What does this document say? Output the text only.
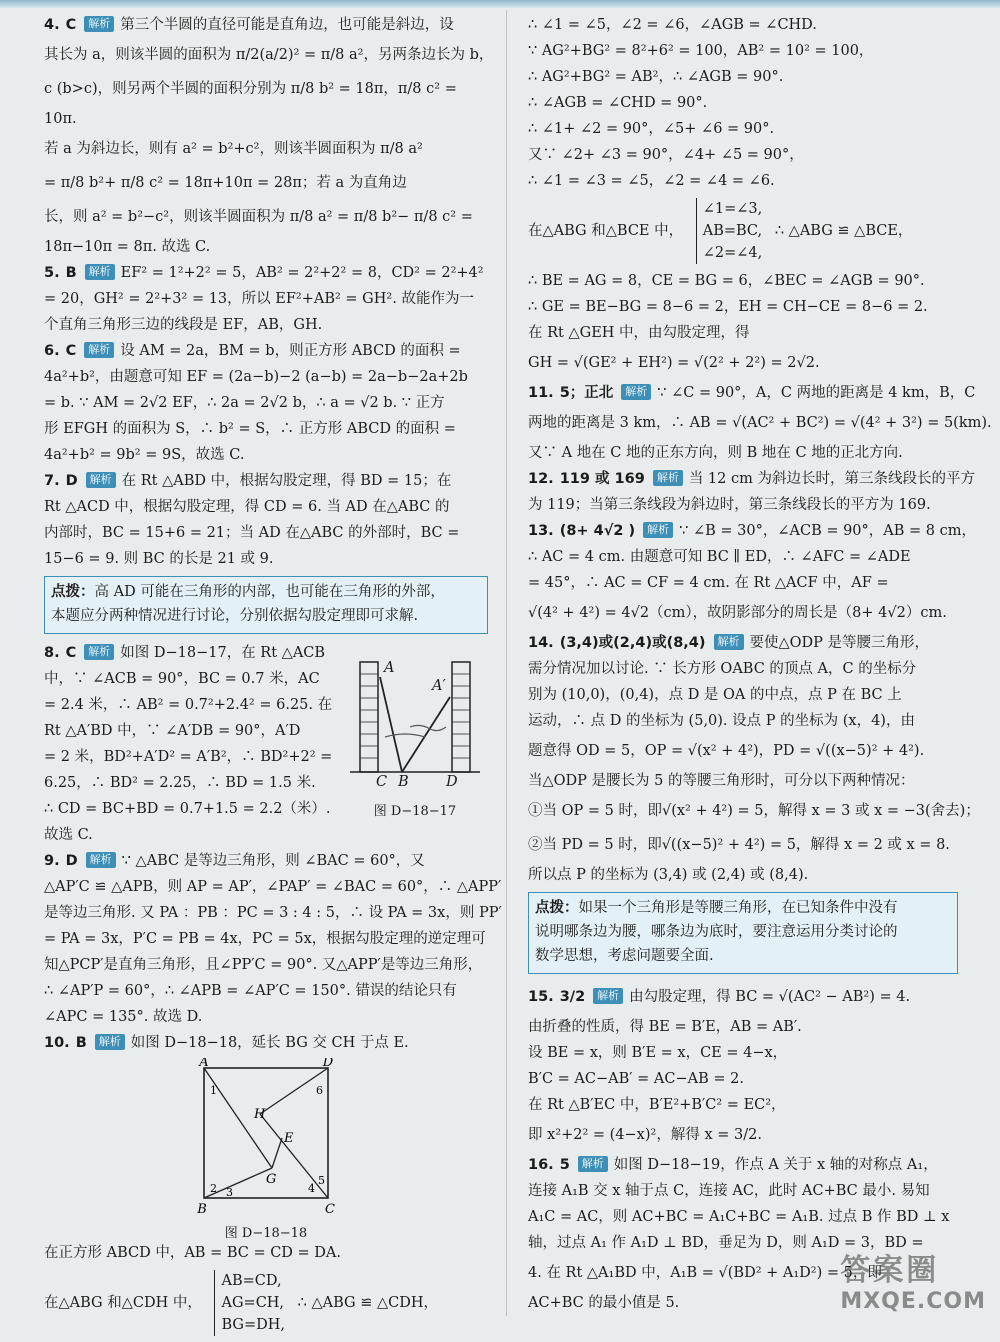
4. C 解析 第三个半圆的直径可能是直角边，也可能是斜边，设
其长为 a，则该半圆的面积为 π/2(a/2)² = π/8 a²，另两条边长为 b，
c (b>c)，则另两个半圆的面积分别为 π/8 b² = 18π，π/8 c² =
10π.
若 a 为斜边长，则有 a² = b²+c²，则该半圆面积为 π/8 a²
= π/8 b²+ π/8 c² = 18π+10π = 28π；若 a 为直角边
长，则 a² = b²−c²，则该半圆面积为 π/8 a² = π/8 b²− π/8 c² =
18π−10π = 8π. 故选 C.
5. B 解析 EF² = 1²+2² = 5，AB² = 2²+2² = 8，CD² = 2²+4²
= 20，GH² = 2²+3² = 13，所以 EF²+AB² = GH². 故能作为一
个直角三角形三边的线段是 EF，AB，GH.
6. C 解析 设 AM = 2a，BM = b，则正方形 ABCD 的面积 =
4a²+b²，由题意可知 EF = (2a−b)−2 (a−b) = 2a−b−2a+2b
= b. ∵ AM = 2√2 EF，∴ 2a = 2√2 b，∴ a = √2 b. ∵ 正方
形 EFGH 的面积为 S，∴ b² = S，∴ 正方形 ABCD 的面积 =
4a²+b² = 9b² = 9S，故选 C.
7. D 解析 在 Rt △ABD 中，根据勾股定理，得 BD = 15；在
Rt △ACD 中，根据勾股定理，得 CD = 6. 当 AD 在△ABC 的
内部时，BC = 15+6 = 21；当 AD 在△ABC 的外部时，BC =
15−6 = 9. 则 BC 的长是 21 或 9.
点拨：高 AD 可能在三角形的内部，也可能在三角形的外部，
本题应分两种情况进行讨论，分别依据勾股定理即可求解.
8. C 解析 如图 D−18−17，在 Rt △ACB
中，∵ ∠ACB = 90°，BC = 0.7 米，AC
= 2.4 米，∴ AB² = 0.7²+2.4² = 6.25. 在
Rt △A′BD 中，∵ ∠A′DB = 90°，A′D
= 2 米，BD²+A′D² = A′B²，∴ BD²+2² =
6.25，∴ BD² = 2.25，∴ BD = 1.5 米.
∴ CD = BC+BD = 0.7+1.5 = 2.2（米）.
故选 C.
A
A′
C B	D
图 D−18−17
9. D 解析 ∵ △ABC 是等边三角形，则 ∠BAC = 60°，又
△AP′C ≌ △APB，则 AP = AP′，∠PAP′ = ∠BAC = 60°，∴ △APP′
是等边三角形. 又 PA ：PB ：PC = 3 : 4 : 5，∴ 设 PA = 3x，则 PP′
= PA = 3x，P′C = PB = 4x，PC = 5x，根据勾股定理的逆定理可
知△PCP′是直角三角形，且∠PP′C = 90°. 又△APP′是等边三角形，
∴ ∠AP′P = 60°，∴ ∠APB = ∠AP′C = 150°. 错误的结论只有
∠APC = 135°. 故选 D.
10. B 解析 如图 D−18−18，延长 BG 交 CH 于点 E.
A	D
B	C
H
E
G
1	6
2 3	4
5
图 D−18−18
在正方形 ABCD 中，AB = BC = CD = DA.
在△ABG 和△CDH 中，
AB=CD,
AG=CH,
BG=DH,
∴ △ABG ≌ △CDH，
∴ ∠1 = ∠5，∠2 = ∠6，∠AGB = ∠CHD.
∵ AG²+BG² = 8²+6² = 100，AB² = 10² = 100，
∴ AG²+BG² = AB²，∴ ∠AGB = 90°.
∴ ∠AGB = ∠CHD = 90°.
∴ ∠1+ ∠2 = 90°，∠5+ ∠6 = 90°.
又∵ ∠2+ ∠3 = 90°，∠4+ ∠5 = 90°，
∴ ∠1 = ∠3 = ∠5，∠2 = ∠4 = ∠6.
在△ABG 和△BCE 中，
∠1=∠3,
AB=BC,
∠2=∠4,
∴ △ABG ≌ △BCE，
∴ BE = AG = 8，CE = BG = 6，∠BEC = ∠AGB = 90°.
∴ GE = BE−BG = 8−6 = 2，EH = CH−CE = 8−6 = 2.
在 Rt △GEH 中，由勾股定理，得
GH = √(GE² + EH²) = √(2² + 2²) = 2√2.
11. 5；正北 解析 ∵ ∠C = 90°，A，C 两地的距离是 4 km，B，C
两地的距离是 3 km，∴ AB = √(AC² + BC²) = √(4² + 3²) = 5(km).
又∵ A 地在 C 地的正东方向，则 B 地在 C 地的正北方向.
12. 119 或 169 解析 当 12 cm 为斜边长时，第三条线段长的平方
为 119；当第三条线段为斜边时，第三条线段长的平方为 169.
13. (8+ 4√2 ) 解析 ∵ ∠B = 30°，∠ACB = 90°，AB = 8 cm，
∴ AC = 4 cm. 由题意可知 BC ∥ ED，∴ ∠AFC = ∠ADE
= 45°，∴ AC = CF = 4 cm. 在 Rt △ACF 中，AF =
√(4² + 4²) = 4√2（cm），故阴影部分的周长是（8+ 4√2）cm.
14. (3,4)或(2,4)或(8,4) 解析 要使△ODP 是等腰三角形，
需分情况加以讨论. ∵ 长方形 OABC 的顶点 A，C 的坐标分
别为 (10,0)，(0,4)，点 D 是 OA 的中点，点 P 在 BC 上
运动，∴ 点 D 的坐标为 (5,0). 设点 P 的坐标为 (x，4)，由
题意得 OD = 5，OP = √(x² + 4²)，PD = √((x−5)² + 4²).
当△ODP 是腰长为 5 的等腰三角形时，可分以下两种情况：
①当 OP = 5 时，即√(x² + 4²) = 5，解得 x = 3 或 x = −3(舍去)；
②当 PD = 5 时，即√((x−5)² + 4²) = 5，解得 x = 2 或 x = 8.
所以点 P 的坐标为 (3,4) 或 (2,4) 或 (8,4).
点拨：如果一个三角形是等腰三角形，在已知条件中没有
说明哪条边为腰，哪条边为底时，要注意运用分类讨论的
数学思想，考虑问题要全面.
15. 3/2 解析 由勾股定理，得 BC = √(AC² − AB²) = 4.
由折叠的性质，得 BE = B′E，AB = AB′.
设 BE = x，则 B′E = x，CE = 4−x，
B′C = AC−AB′ = AC−AB = 2.
在 Rt △B′EC 中，B′E²+B′C² = EC²，
即 x²+2² = (4−x)²，解得 x = 3/2.
16. 5 解析 如图 D−18−19，作点 A 关于 x 轴的对称点 A₁，
连接 A₁B 交 x 轴于点 C，连接 AC，此时 AC+BC 最小. 易知
A₁C = AC，则 AC+BC = A₁C+BC = A₁B. 过点 B 作 BD ⊥ x
轴，过点 A₁ 作 A₁D ⊥ BD，垂足为 D，则 A₁D = 3，BD =
4. 在 Rt △A₁BD 中，A₁B = √(BD² + A₁D²) = 5，即
AC+BC 的最小值是 5.
答案圈
MXQE.COM
